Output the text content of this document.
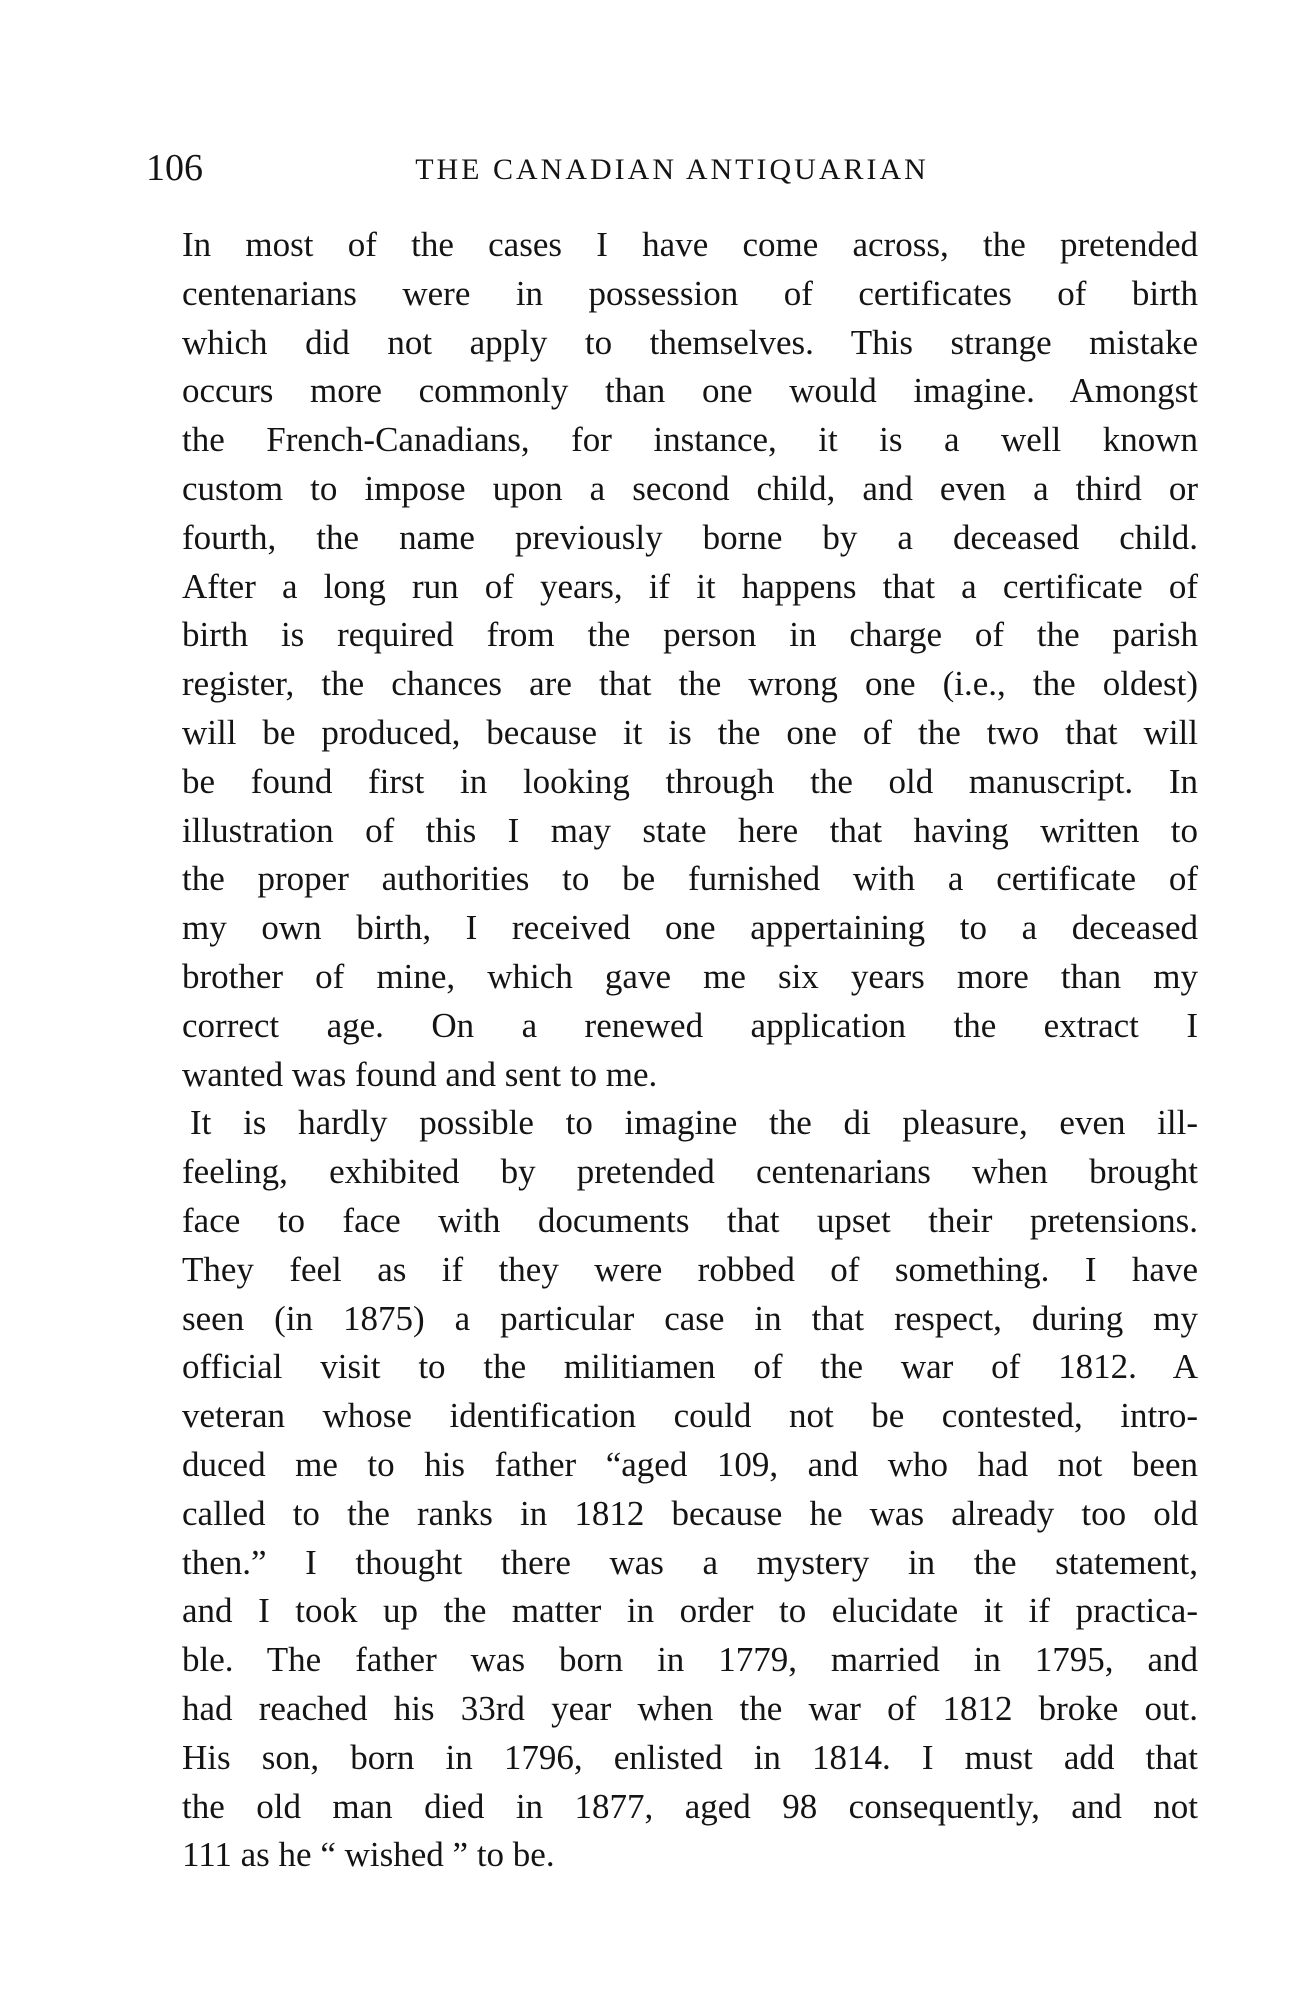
106	THE CANADIAN ANTIQUARIAN

In most of the cases I have come across, the pretended
centenarians were in possession of certificates of birth
which did not apply to themselves. This strange mistake
occurs more commonly than one would imagine. Amongst
the French-Canadians, for instance, it is a well known
custom to impose upon a second child, and even a third or
fourth, the name previously borne by a deceased child.
After a long run of years, if it happens that a certificate of
birth is required from the person in charge of the parish
register, the chances are that the wrong one (i.e., the oldest)
will be produced, because it is the one of the two that will
be found first in looking through the old manuscript. In
illustration of this I may state here that having written to
the proper authorities to be furnished with a certificate of
my own birth, I received one appertaining to a deceased
brother of mine, which gave me six years more than my
correct age. On a renewed application the extract I
wanted was found and sent to me.

It is hardly possible to imagine the di pleasure, even ill-
feeling, exhibited by pretended centenarians when brought
face to face with documents that upset their pretensions.
They feel as if they were robbed of something. I have
seen (in 1875) a particular case in that respect, during my
official visit to the militiamen of the war of 1812. A
veteran whose identification could not be contested, intro-
duced me to his father “aged 109, and who had not been
called to the ranks in 1812 because he was already too old
then.” I thought there was a mystery in the statement,
and I took up the matter in order to elucidate it if practica-
ble. The father was born in 1779, married in 1795, and
had reached his 33rd year when the war of 1812 broke out.
His son, born in 1796, enlisted in 1814. I must add that
the old man died in 1877, aged 98 consequently, and not
111 as he “ wished ” to be.
